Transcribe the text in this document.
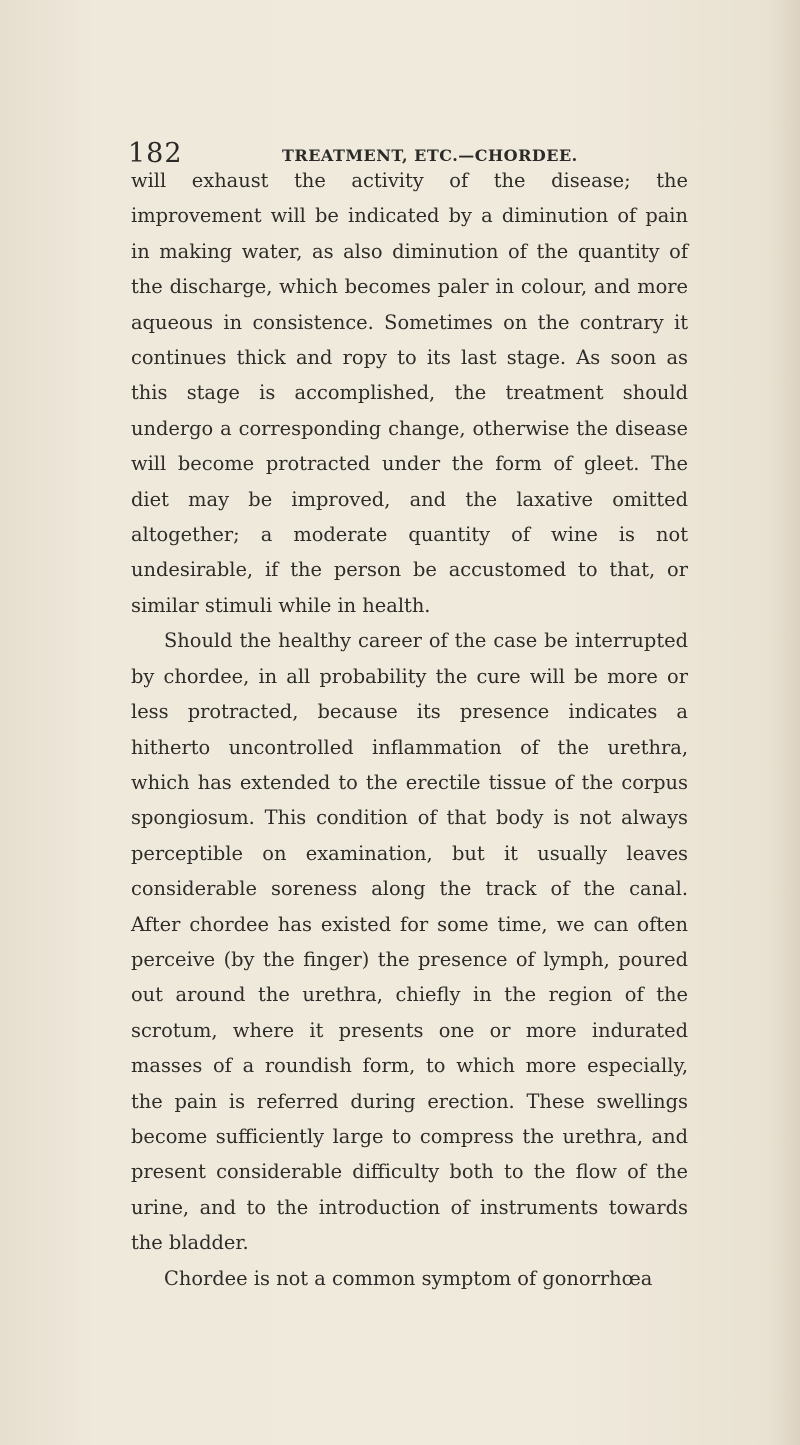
182	TREATMENT, ETC.—CHORDEE.

will exhaust the activity of the disease; the improvement will be indicated by a diminution of pain in making water, as also diminution of the quantity of the discharge, which becomes paler in colour, and more aqueous in consistence. Sometimes on the contrary it continues thick and ropy to its last stage. As soon as this stage is accomplished, the treatment should undergo a corresponding change, otherwise the disease will become protracted under the form of gleet. The diet may be improved, and the laxative omitted altogether; a moderate quantity of wine is not undesirable, if the person be accustomed to that, or similar stimuli while in health.

Should the healthy career of the case be interrupted by chordee, in all probability the cure will be more or less protracted, because its presence indicates a hitherto uncontrolled inflammation of the urethra, which has extended to the erectile tissue of the corpus spongiosum. This condition of that body is not always perceptible on examination, but it usually leaves considerable soreness along the track of the canal. After chordee has existed for some time, we can often perceive (by the finger) the presence of lymph, poured out around the urethra, chiefly in the region of the scrotum, where it presents one or more indurated masses of a roundish form, to which more especially, the pain is referred during erection. These swellings become sufficiently large to compress the urethra, and present considerable difficulty both to the flow of the urine, and to the introduction of instruments towards the bladder.

Chordee is not a common symptom of gonorrhœa
